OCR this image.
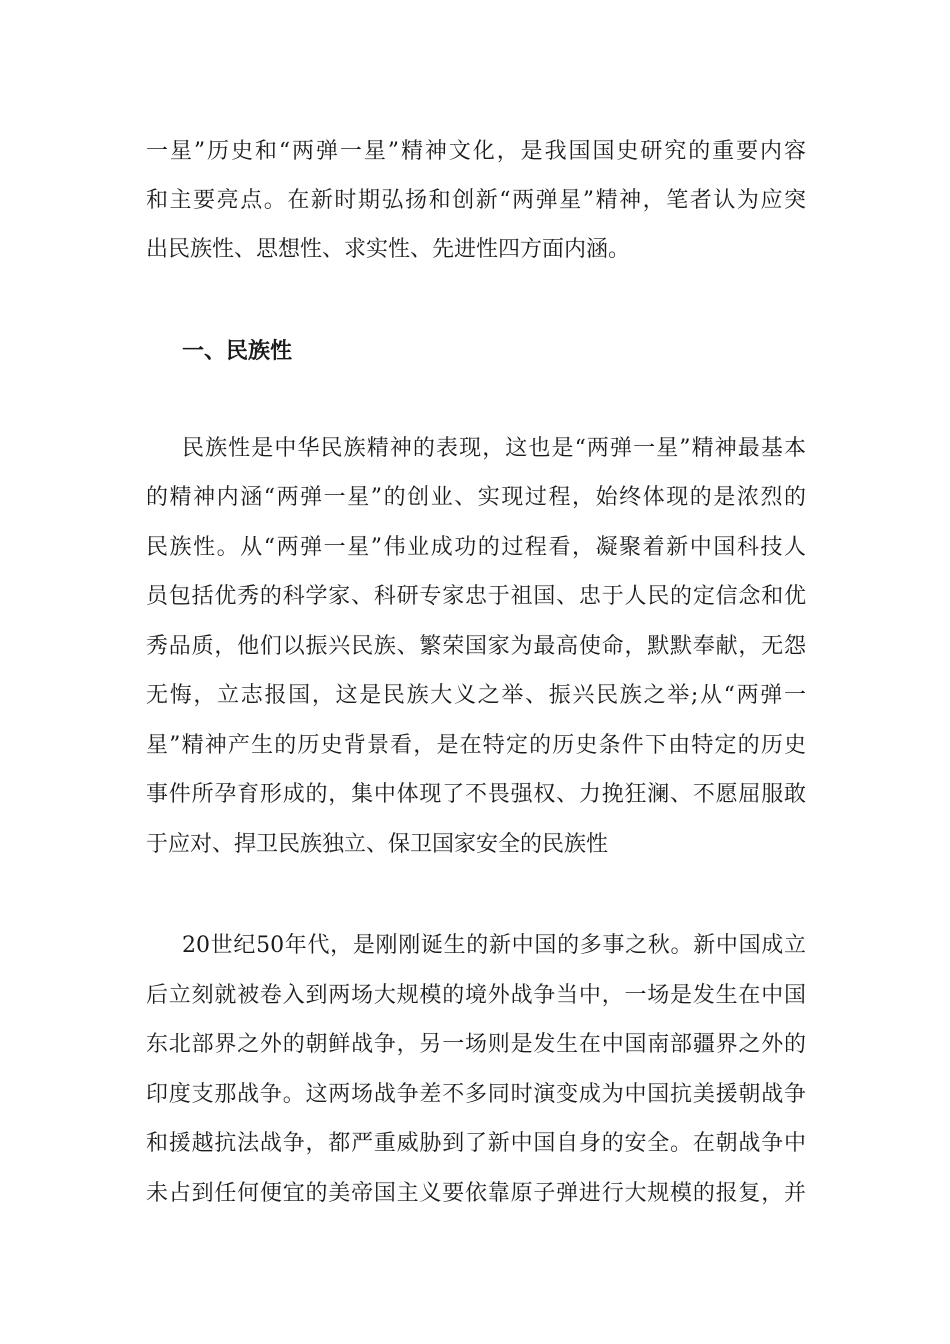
一星”历史和“两弹一星”精神文化，是我国国史研究的重要内容
和主要亮点。在新时期弘扬和创新“两弹星”精神，笔者认为应突
出民族性、思想性、求实性、先进性四方面内涵。
一、民族性
民族性是中华民族精神的表现，这也是“两弹一星”精神最基本
的精神内涵“两弹一星”的创业、实现过程，始终体现的是浓烈的
民族性。从“两弹一星”伟业成功的过程看，凝聚着新中国科技人
员包括优秀的科学家、科研专家忠于祖国、忠于人民的定信念和优
秀品质，他们以振兴民族、繁荣国家为最高使命，默默奉献，无怨
无悔，立志报国，这是民族大义之举、振兴民族之举;从“两弹一
星”精神产生的历史背景看，是在特定的历史条件下由特定的历史
事件所孕育形成的，集中体现了不畏强权、力挽狂澜、不愿屈服敢
于应对、捍卫民族独立、保卫国家安全的民族性
20世纪50年代，是刚刚诞生的新中国的多事之秋。新中国成立
后立刻就被卷入到两场大规模的境外战争当中，一场是发生在中国
东北部界之外的朝鲜战争，另一场则是发生在中国南部疆界之外的
印度支那战争。这两场战争差不多同时演变成为中国抗美援朝战争
和援越抗法战争，都严重威胁到了新中国自身的安全。在朝战争中
未占到任何便宜的美帝国主义要依靠原子弹进行大规模的报复，并
